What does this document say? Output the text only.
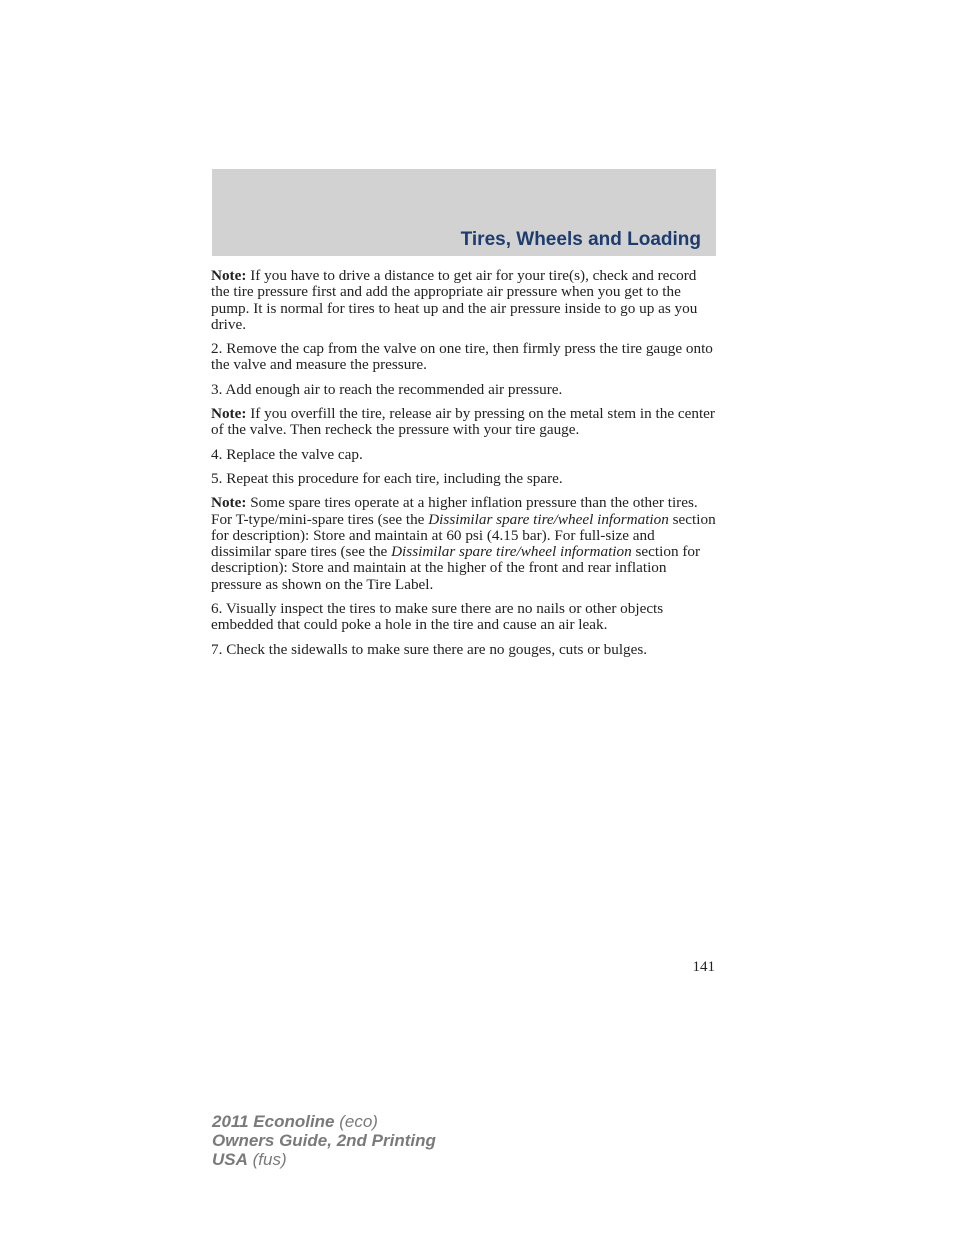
Tires, Wheels and Loading

Note: If you have to drive a distance to get air for your tire(s), check and record the tire pressure first and add the appropriate air pressure when you get to the pump. It is normal for tires to heat up and the air pressure inside to go up as you drive.

2. Remove the cap from the valve on one tire, then firmly press the tire gauge onto the valve and measure the pressure.

3. Add enough air to reach the recommended air pressure.

Note: If you overfill the tire, release air by pressing on the metal stem in the center of the valve. Then recheck the pressure with your tire gauge.

4. Replace the valve cap.

5. Repeat this procedure for each tire, including the spare.

Note: Some spare tires operate at a higher inflation pressure than the other tires. For T-type/mini-spare tires (see the Dissimilar spare tire/wheel information section for description): Store and maintain at 60 psi (4.15 bar). For full-size and dissimilar spare tires (see the Dissimilar spare tire/wheel information section for description): Store and maintain at the higher of the front and rear inflation pressure as shown on the Tire Label.

6. Visually inspect the tires to make sure there are no nails or other objects embedded that could poke a hole in the tire and cause an air leak.

7. Check the sidewalls to make sure there are no gouges, cuts or bulges.

141
2011 Econoline (eco)
Owners Guide, 2nd Printing
USA (fus)
